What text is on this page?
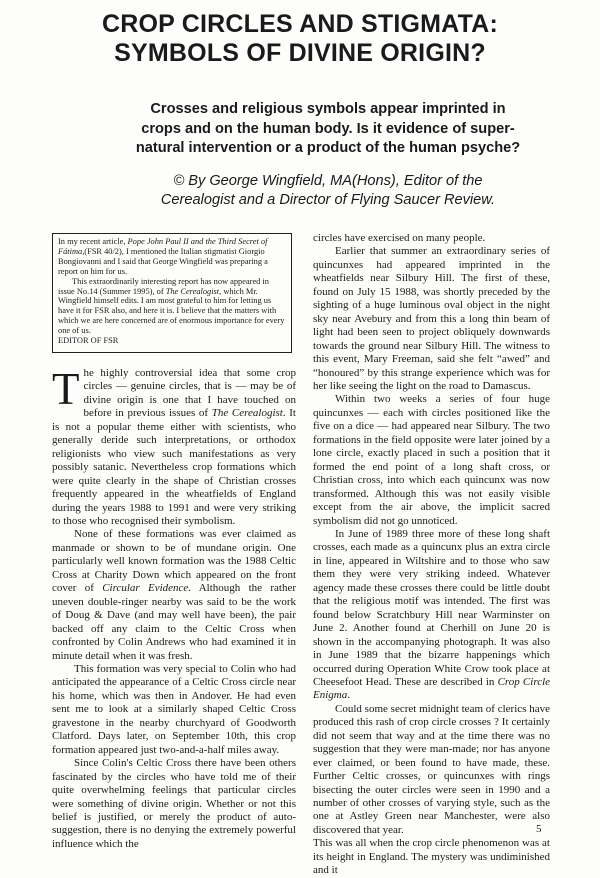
CROP CIRCLES AND STIGMATA:
SYMBOLS OF DIVINE ORIGIN?
Crosses and religious symbols appear imprinted in
crops and on the human body. Is it evidence of super-
natural intervention or a product of the human psyche?
© By George Wingfield, MA(Hons), Editor of the
Cerealogist and a Director of Flying Saucer Review.

In my recent article, Pope John Paul II and the Third Secret of Fátima,(FSR 40/2), I mentioned the Italian stigmatist Giorgio Bongiovanni and I said that George Wingfield was preparing a report on him for us.

This extraordinarily interesting report has now appeared in issue No.14 (Summer 1995), of The Cerealogist, which Mr. Wingfield himself edits. I am most grateful to him for letting us have it for FSR also, and here it is. I believe that the matters with which we are here concerned are of enormous importance for every one of us.

EDITOR OF FSR

The highly controversial idea that some crop circles — genuine circles, that is — may be of divine origin is one that I have touched on before in previous issues of The Cerealogist. It is not a popular theme either with scientists, who generally deride such interpretations, or orthodox religionists who view such manifestations as very possibly satanic. Nevertheless crop formations which were quite clearly in the shape of Christian crosses frequently appeared in the wheatfields of England during the years 1988 to 1991 and were very striking to those who recognised their symbolism.

None of these formations was ever claimed as manmade or shown to be of mundane origin. One particularly well known formation was the 1988 Celtic Cross at Charity Down which appeared on the front cover of Circular Evidence. Although the rather uneven double-ringer nearby was said to be the work of Doug & Dave (and may well have been), the pair backed off any claim to the Celtic Cross when confronted by Colin Andrews who had examined it in minute detail when it was fresh.

This formation was very special to Colin who had anticipated the appearance of a Celtic Cross circle near his home, which was then in Andover. He had even sent me to look at a similarly shaped Celtic Cross gravestone in the nearby churchyard of Goodworth Clatford. Days later, on September 10th, this crop formation appeared just two-and-a-half miles away.

Since Colin's Celtic Cross there have been others fascinated by the circles who have told me of their quite overwhelming feelings that particular circles were something of divine origin. Whether or not this belief is justified, or merely the product of auto-suggestion, there is no denying the extremely powerful influence which the

circles have exercised on many people.

Earlier that summer an extraordinary series of quincunxes had appeared imprinted in the wheatfields near Silbury Hill. The first of these, found on July 15 1988, was shortly preceded by the sighting of a huge luminous oval object in the night sky near Avebury and from this a long thin beam of light had been seen to project obliquely downwards towards the ground near Silbury Hill. The witness to this event, Mary Freeman, said she felt “awed” and “honoured” by this strange experience which was for her like seeing the light on the road to Damascus.

Within two weeks a series of four huge quincunxes — each with circles positioned like the five on a dice — had appeared near Silbury. The two formations in the field opposite were later joined by a lone circle, exactly placed in such a position that it formed the end point of a long shaft cross, or Christian cross, into which each quincunx was now transformed. Although this was not easily visible except from the air above, the implicit sacred symbolism did not go unnoticed.

In June of 1989 three more of these long shaft crosses, each made as a quincunx plus an extra circle in line, appeared in Wiltshire and to those who saw them they were very striking indeed. Whatever agency made these crosses there could be little doubt that the religious motif was intended. The first was found below Scratchbury Hill near Warminster on June 2. Another found at Cherhill on June 20 is shown in the accompanying photograph. It was also in June 1989 that the bizarre happenings which occurred during Operation White Crow took place at Cheesefoot Head. These are described in Crop Circle Enigma.

Could some secret midnight team of clerics have produced this rash of crop circle crosses ? It certainly did not seem that way and at the time there was no suggestion that they were man-made; nor has anyone ever claimed, or been found to have made, these. Further Celtic crosses, or quincunxes with rings bisecting the outer circles were seen in 1990 and a number of other crosses of varying style, such as the one at Astley Green near Manchester, were also discovered that year.

This was all when the crop circle phenomenon was at its height in England. The mystery was undiminished and it

5
